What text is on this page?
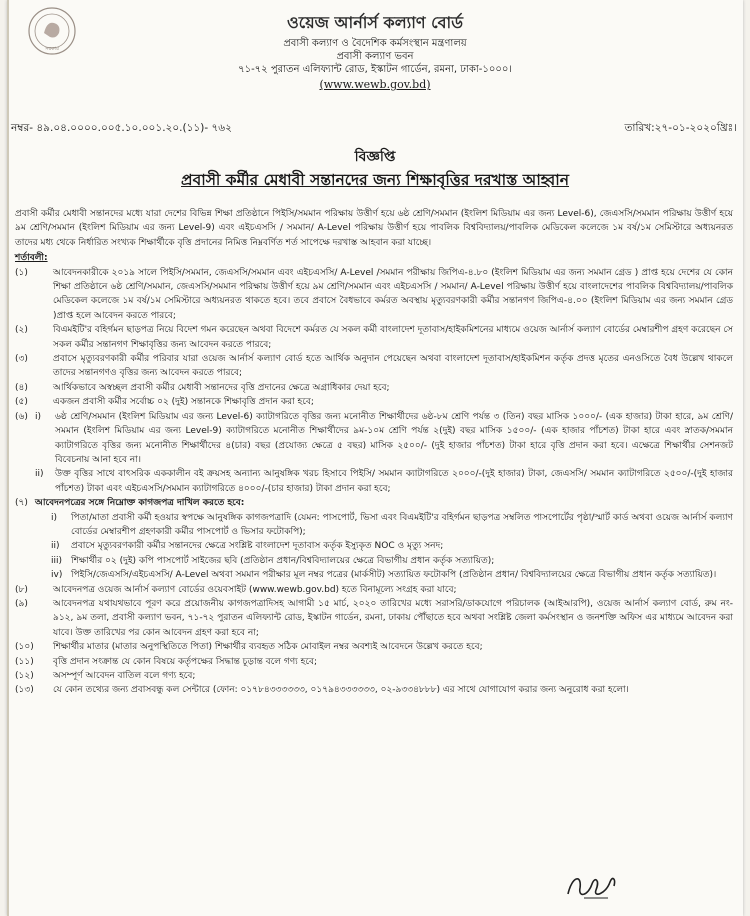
সরকার
ওয়েজ আর্নার্স কল্যাণ বোর্ড
প্রবাসী কল্যাণ ও বৈদেশিক কর্মসংস্থান মন্ত্রণালয়
প্রবাসী কল্যাণ ভবন
৭১-৭২ পুরাতন এলিফ্যান্ট রোড, ইস্কাটন গার্ডেন, রমনা, ঢাকা-১০০০।
(www.wewb.gov.bd)
নম্বর- ৪৯.০৪.০০০০.০০৫.১০.০০১.২০.(১১)- ৭৬২	তারিখ:২৭-০১-২০২০খ্রিঃ।
বিজ্ঞপ্তি
প্রবাসী কর্মীর মেধাবী সন্তানদের জন্য শিক্ষাবৃত্তির দরখাস্ত আহ্বান
প্রবাসী কর্মীর মেধাবী সন্তানদের মধ্যে যারা দেশের বিভিন্ন শিক্ষা প্রতিষ্ঠানে পিইসি/সমমান পরিক্ষায় উত্তীর্ণ হয়ে ৬ষ্ঠ শ্রেণি/সমমান (ইংলিশ মিডিয়াম এর জন্য Level-6), জেএসসি/সমমান পরিক্ষায় উত্তীর্ণ হয়ে ৯ম শ্রেণি/সমমান (ইংলিশ মিডিয়াম এর জন্য Level-9) এবং এইচএসসি / সমমান/ A-Level পরিক্ষায় উত্তীর্ণ হয়ে পাবলিক বিশ্ববিদ্যালয়/পাবলিক মেডিকেল কলেজে ১ম বর্ষ/১ম সেমিস্টারে অধ্যয়নরত তাদের মধ্য থেকে নির্ধারিত সংখ্যক শিক্ষার্থীকে বৃত্তি প্রদানের নিমিত্ত নিম্নবর্ণিত শর্ত সাপেক্ষে দরখাস্ত আহবান করা যাচ্ছে।
শর্তাবলী:
(১)	আবেদনকারীকে ২০১৯ সালে পিইসি/সমমান, জেএসসি/সমমান এবং এইচএসসি/ A-Level /সমমান পরীক্ষায় জিপিএ-৪.৮০ (ইংলিশ মিডিয়াম এর জন্য সমমান গ্রেড ) প্রাপ্ত হয়ে দেশের যে কোন শিক্ষা প্রতিষ্ঠানে ৬ষ্ঠ শ্রেণি/সমমান, জেএসসি/সমমান পরিক্ষায় উত্তীর্ণ হয়ে ৯ম শ্রেণি/সমমান এবং এইচএসসি / সমমান/ A-Level পরিক্ষায় উত্তীর্ণ হয়ে বাংলাদেশের পাবলিক বিশ্ববিদ্যালয়/পাবলিক মেডিকেল কলেজে ১ম বর্ষ/১ম সেমিস্টারে অধ্যয়নরত থাকতে হবে। তবে প্রবাসে বৈধভাবে কর্মরত অবস্থায় মৃত্যুবরণকারী কর্মীর সন্তানগণ জিপিএ-৪.০০ (ইংলিশ মিডিয়াম এর জন্য সমমান গ্রেড )প্রাপ্ত হলে আবেদন করতে পারবে;
(২)	বিএমইটি'র বহির্গমন ছাড়পত্র নিয়ে বিদেশ গমন করেছেন অথবা বিদেশে কর্মরত যে সকল কর্মী বাংলাদেশ দূতাবাস/হাইকমিশনের মাধ্যমে ওয়েজ আর্নার্স কল্যাণ বোর্ডের মেম্বারশীপ গ্রহণ করেছেন সে সকল কর্মীর সন্তানগণ শিক্ষাবৃত্তির জন্য আবেদন করতে পারবে;
(৩)	প্রবাসে মৃত্যুবরণকারী কর্মীর পরিবার যারা ওয়েজ আর্নার্স কল্যাণ বোর্ড হতে আর্থিক অনুদান পেয়েছেন অথবা বাংলাদেশ দূতাবাস/হাইকমিশন কর্তৃক প্রদত্ত মৃতের এনওসিতে বৈধ উল্লেখ থাকলে তাদের সন্তানগণও বৃত্তির জন্য আবেদন করতে পারবে;
(৪)	আর্থিকভাবে অস্বচ্ছল প্রবাসী কর্মীর মেধাবী সন্তানদের বৃত্তি প্রদানের ক্ষেত্রে অগ্রাধিকার দেয়া হবে;
(৫)	একজন প্রবাসী কর্মীর সর্বোচ্চ ০২ (দুই) সন্তানকে শিক্ষাবৃত্তি প্রদান করা হবে;
(৬) i)	৬ষ্ঠ শ্রেণি/সমমান (ইংলিশ মিডিয়াম এর জন্য Level-6) ক্যাটাগরিতে বৃত্তির জন্য মনোনীত শিক্ষার্থীদের ৬ষ্ঠ-৮ম শ্রেণি পর্যন্ত ৩ (তিন) বছর মাসিক ১০০০/- (এক হাজার) টাকা হারে, ৯ম শ্রেণি/সমমান (ইংলিশ মিডিয়াম এর জন্য Level-9) ক্যাটাগরিতে মনোনীত শিক্ষার্থীদের ৯ম-১০ম শ্রেণি পর্যন্ত ২(দুই) বছর মাসিক ১৫০০/- (এক হাজার পাঁচশত) টাকা হারে এবং স্নাতক/সমমান ক্যাটাগরিতে বৃত্তির জন্য মনোনীত শিক্ষার্থীদের ৪(চার) বছর (প্রযোজ্য ক্ষেত্রে ৫ বছর) মাসিক ২৫০০/- (দুই হাজার পাঁচশত) টাকা হারে বৃত্তি প্রদান করা হবে। এক্ষেত্রে শিক্ষার্থীর সেশনজট বিবেচনায় আনা হবে না।
ii)	উক্ত বৃত্তির সাথে বাৎসরিক এককালীন বই ক্রয়সহ অন্যান্য আনুষঙ্গিক খরচ হিসাবে পিইসি/ সমমান ক্যাটাগরিতে ২০০০/-(দুই হাজার) টাকা, জেএসসি/ সমমান ক্যাটাগরিতে ২৫০০/-(দুই হাজার পাঁচশত) টাকা এবং এইচএসসি/সমমান ক্যাটাগরিতে ৪০০০/-(চার হাজার) টাকা প্রদান করা হবে;
(৭) আবেদনপত্রের সঙ্গে নিম্নোক্ত কাগজপত্র দাখিল করতে হবে:
i)	পিতা/মাতা প্রবাসী কর্মী হওয়ার স্বপক্ষে আনুষঙ্গিক কাগজপত্রাদি (যেমন: পাসপোর্ট, ভিসা এবং বিএমইটি'র বহির্গমন ছাড়পত্র সম্বলিত পাসপোর্টের পৃষ্ঠা/স্মার্ট কার্ড অথবা ওয়েজ আর্নার্স কল্যাণ বোর্ডের মেম্বারশীপ গ্রহণকারী কর্মীর পাসপোর্ট ও ভিসার ফটোকপি);
ii)	প্রবাসে মৃত্যুবরণকারী কর্মীর সন্তানদের ক্ষেত্রে সংশ্লিষ্ট বাংলাদেশ দূতাবাস কর্তৃক ইস্যুকৃত NOC ও মৃত্যু সনদ;
iii) শিক্ষার্থীর ০২ (দুই) কপি পাসপোর্ট সাইজের ছবি (প্রতিষ্ঠান প্রধান/বিশ্ববিদ্যালয়ের ক্ষেত্রে বিভাগীয় প্রধান কর্তৃক সত্যায়িত);
iv) পিইসি/জেএসসি/এইচএসসি/ A-Level অথবা সমমান পরীক্ষার মূল নম্বর পত্রের (মার্কসীট) সত্যায়িত ফটোকপি (প্রতিষ্ঠান প্রধান/ বিশ্ববিদ্যালয়ের ক্ষেত্রে বিভাগীয় প্রধান কর্তৃক সত্যায়িত)।
(৮)	আবেদনপত্র ওয়েজ আর্নার্স কল্যাণ বোর্ডের ওয়েবসাইট (www.wewb.gov.bd) হতে বিনামূল্যে সংগ্রহ করা যাবে;
(৯)	আবেদনপত্র যথাযথভাবে পূরণ করে প্রয়োজনীয় কাগজপত্রাদিসহ আগামী ১৫ মার্চ, ২০২০ তারিখের মধ্যে সরাসরি/ডাকযোগে পরিচালক (আইআরপি), ওয়েজ আর্নার্স কল্যাণ বোর্ড, রুম নং- ৯১২, ৯ম তলা, প্রবাসী কল্যাণ ভবন, ৭১-৭২ পুরাতন এলিফ্যান্ট রোড, ইস্কাটন গার্ডেন, রমনা, ঢাকায় পৌঁছাতে হবে অথবা সংশ্লিষ্ট জেলা কর্মসংস্থান ও জনশক্তি অফিস এর মাধ্যমে আবেদন করা যাবে। উক্ত তারিখের পর কোন আবেদন গ্রহণ করা হবে না;
(১০)	শিক্ষার্থীর মাতার (মাতার অনুপস্থিতিতে পিতা) শিক্ষার্থীর ব্যবহৃত সঠিক মোবাইল নম্বর অবশ্যই আবেদনে উল্লেখ করতে হবে;
(১১)	বৃত্তি প্রদান সংক্রান্ত যে কোন বিষয়ে কর্তৃপক্ষের সিদ্ধান্ত চূড়ান্ত বলে গণ্য হবে;
(১২)	অসম্পূর্ণ আবেদন বাতিল বলে গণ্য হবে;
(১৩)	যে কোন তথ্যের জন্য প্রবাসবন্ধু কল সেন্টারে (ফোন: ০১৭৮৪৩৩৩৩৩৩, ০১৭৯৪৩৩৩৩৩৩, ০২-৯৩৩৪৮৮৮) এর সাথে যোগাযোগ করার জন্য অনুরোধ করা হলো।
